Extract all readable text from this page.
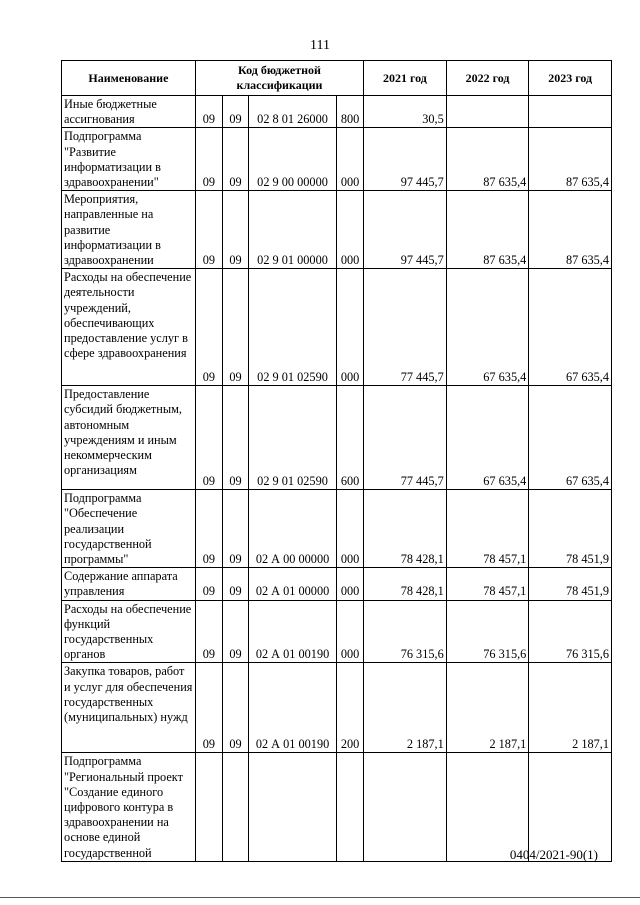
111
Наименование	Код бюджетной классификации				2021 год	2022 год	2023 год
Иные бюджетные ассигнования	09	09	02 8 01 26000	800	30,5		
Подпрограмма "Развитие информатизации в здравоохранении"	09	09	02 9 00 00000	000	97 445,7	87 635,4	87 635,4
Мероприятия, направленные на развитие информатизации в здравоохранении	09	09	02 9 01 00000	000	97 445,7	87 635,4	87 635,4
Расходы на обеспечение деятельности учреждений, обеспечивающих предоставление услуг в сфере здравоохранения	09	09	02 9 01 02590	000	77 445,7	67 635,4	67 635,4
Предоставление субсидий бюджетным, автономным учреждениям и иным некоммерческим организациям	09	09	02 9 01 02590	600	77 445,7	67 635,4	67 635,4
Подпрограмма "Обеспечение реализации государственной программы"	09	09	02 А 00 00000	000	78 428,1	78 457,1	78 451,9
Содержание аппарата управления	09	09	02 А 01 00000	000	78 428,1	78 457,1	78 451,9
Расходы на обеспечение функций государственных органов	09	09	02 А 01 00190	000	76 315,6	76 315,6	76 315,6
Закупка товаров, работ и услуг для обеспечения государственных (муниципальных) нужд	09	09	02 А 01 00190	200	2 187,1	2 187,1	2 187,1
Подпрограмма "Региональный проект "Создание единого цифрового контура в здравоохранении на основе единой государственной								0404/2021-90(1)
